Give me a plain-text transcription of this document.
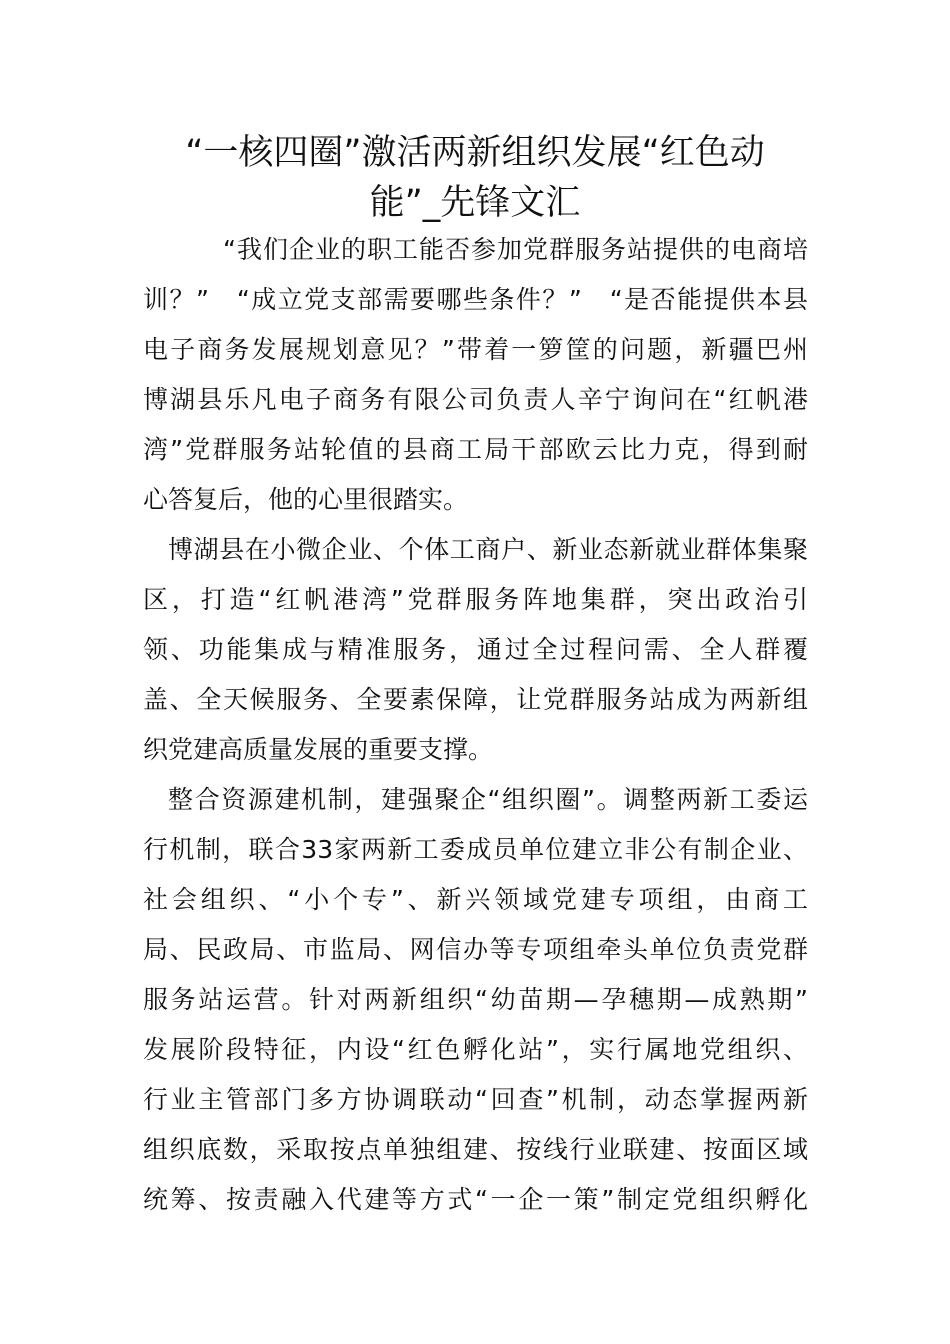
“一核四圈”激活两新组织发展“红色动
能”_先锋文汇
“我们企业的职工能否参加党群服务站提供的电商培
训？”　“成立党支部需要哪些条件？”　“是否能提供本县
电子商务发展规划意见？”带着一箩筐的问题，新疆巴州
博湖县乐凡电子商务有限公司负责人辛宁询问在“红帆港
湾”党群服务站轮值的县商工局干部欧云比力克，得到耐
心答复后，他的心里很踏实。
博湖县在小微企业、个体工商户、新业态新就业群体集聚
区，打造“红帆港湾”党群服务阵地集群，突出政治引
领、功能集成与精准服务，通过全过程问需、全人群覆
盖、全天候服务、全要素保障，让党群服务站成为两新组
织党建高质量发展的重要支撑。
整合资源建机制，建强聚企“组织圈”。调整两新工委运
行机制，联合33家两新工委成员单位建立非公有制企业、
社会组织、“小个专”、新兴领域党建专项组，由商工
局、民政局、市监局、网信办等专项组牵头单位负责党群
服务站运营。针对两新组织“幼苗期—孕穗期—成熟期”
发展阶段特征，内设“红色孵化站”，实行属地党组织、
行业主管部门多方协调联动“回查”机制，动态掌握两新
组织底数，采取按点单独组建、按线行业联建、按面区域
统筹、按责融入代建等方式“一企一策”制定党组织孵化
